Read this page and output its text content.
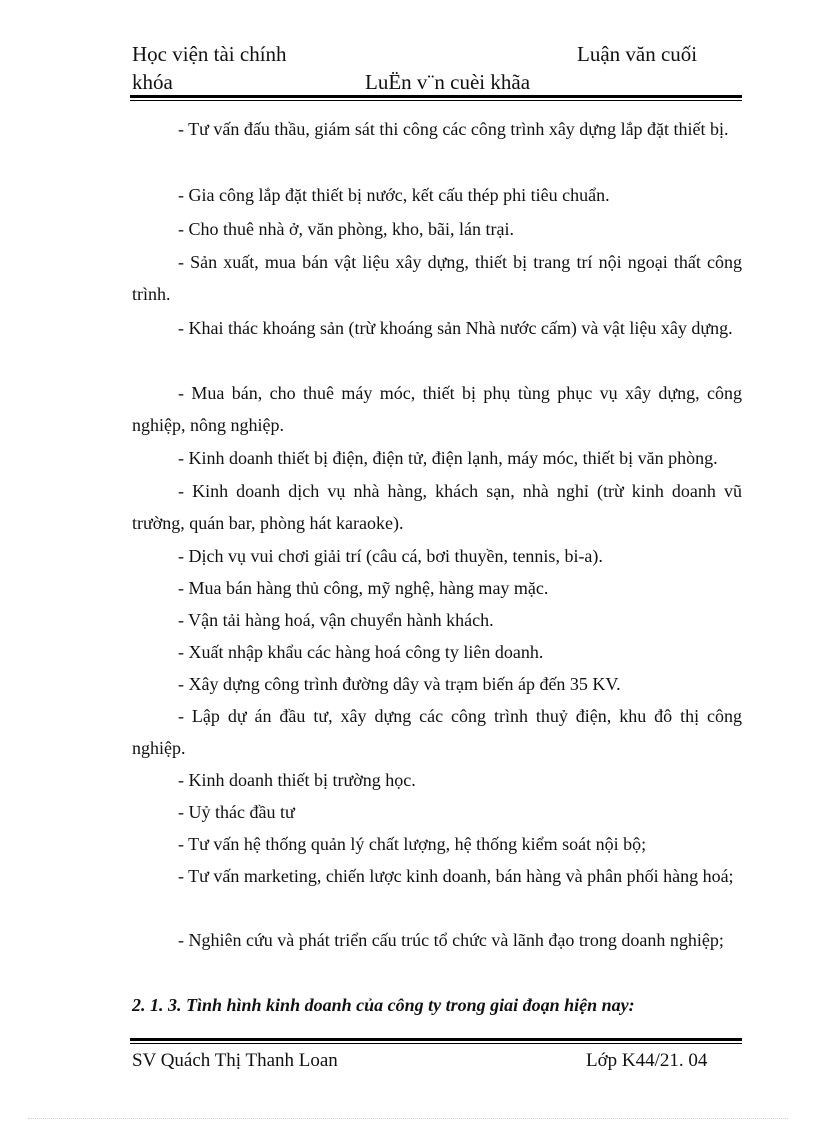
Học viện tài chính	Luận văn cuối
khóa	LuËn v¨n cuèi khãa
- Tư vấn đấu thầu, giám sát thi công các công trình xây dựng lắp đặt thiết bị.
- Gia công lắp đặt thiết bị nước, kết cấu thép phi tiêu chuẩn.
- Cho thuê nhà ở, văn phòng, kho, bãi, lán trại.
- Sản xuất, mua bán vật liệu xây dựng, thiết bị trang trí nội ngoại thất công trình.
- Khai thác khoáng sản (trừ khoáng sản Nhà nước cấm) và vật liệu xây dựng.
- Mua bán, cho thuê máy móc, thiết bị phụ tùng phục vụ xây dựng, công nghiệp, nông nghiệp.
- Kinh doanh thiết bị điện, điện tử, điện lạnh, máy móc, thiết bị văn phòng.
- Kinh doanh dịch vụ nhà hàng, khách sạn, nhà nghỉ (trừ kinh doanh vũ trường, quán bar, phòng hát karaoke).
- Dịch vụ vui chơi giải trí (câu cá, bơi thuyền, tennis, bi-a).
- Mua bán hàng thủ công, mỹ nghệ, hàng may mặc.
- Vận tải hàng hoá, vận chuyển hành khách.
- Xuất nhập khẩu các hàng hoá công ty liên doanh.
- Xây dựng công trình đường dây và trạm biến áp đến 35 KV.
- Lập dự án đầu tư, xây dựng các công trình thuỷ điện, khu đô thị công nghiệp.
- Kinh doanh thiết bị trường học.
- Uỷ thác đầu tư
- Tư vấn hệ thống quản lý chất lượng, hệ thống kiểm soát nội bộ;
- Tư vấn marketing, chiến lược kinh doanh, bán hàng và phân phối hàng hoá;
- Nghiên cứu và phát triển cấu trúc tổ chức và lãnh đạo trong doanh nghiệp;
2. 1. 3. Tình hình kinh doanh của công ty trong giai đoạn hiện nay:
SV Quách Thị Thanh Loan	Lớp K44/21. 04
